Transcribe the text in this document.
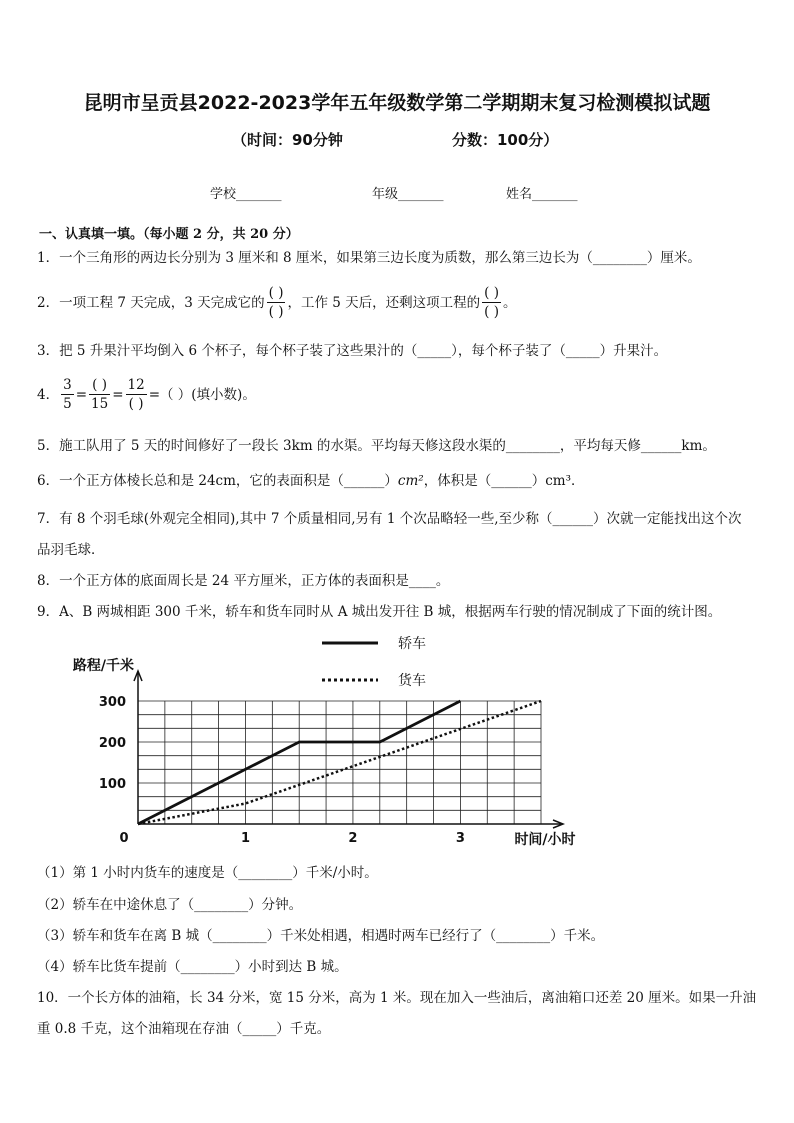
昆明市呈贡县2022-2023学年五年级数学第二学期期末复习检测模拟试题
（时间：90分钟	分数：100分）
学校_______	年级_______	姓名_______
一、认真填一填。（每小题 2 分，共 20 分）
1．一个三角形的两边长分别为 3 厘米和 8 厘米，如果第三边长度为质数，那么第三边长为（________）厘米。
2．一项工程 7 天完成，3 天完成它的 $\frac{( )}{( )}$ ，工作 5 天后，还剩这项工程的 $\frac{( )}{( )}$ 。
3．把 5 升果汁平均倒入 6 个杯子，每个杯子装了这些果汁的（_____），每个杯子装了（_____）升果汁。
4． $\frac{3}{5} = \frac{( )}{15} = \frac{12}{( )}$ =（ ）(填小数)。
5．施工队用了 5 天的时间修好了一段长 3km 的水渠。平均每天修这段水渠的________，平均每天修______km。
6．一个正方体棱长总和是 24cm，它的表面积是（______）cm²，体积是（______）cm³．
7．有 8 个羽毛球(外观完全相同),其中 7 个质量相同,另有 1 个次品略轻一些,至少称（______）次就一定能找出这个次
品羽毛球．
8．一个正方体的底面周长是 24 平方厘米，正方体的表面积是____。
9．A、B 两城相距 300 千米，轿车和货车同时从 A 城出发开往 B 城，根据两车行驶的情况制成了下面的统计图。
100
200
300
0	1	2	3
路程/千米
时间/小时
轿车
货车
（1）第 1 小时内货车的速度是（________）千米/小时。
（2）轿车在中途休息了（________）分钟。
（3）轿车和货车在离 B 城（________）千米处相遇，相遇时两车已经行了（________）千米。
（4）轿车比货车提前（________）小时到达 B 城。
10．一个长方体的油箱，长 34 分米，宽 15 分米，高为 1 米。现在加入一些油后，离油箱口还差 20 厘米。如果一升油
重 0.8 千克，这个油箱现在存油（_____）千克。
